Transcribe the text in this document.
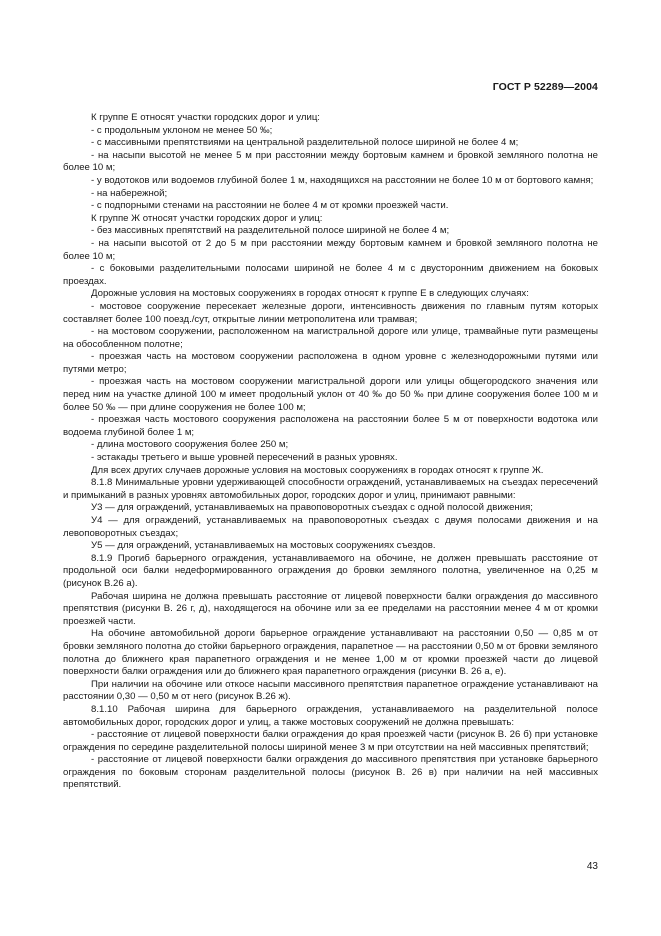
ГОСТ Р 52289—2004

К группе Е относят участки городских дорог и улиц:

- с продольным уклоном не менее 50 ‰;

- с массивными препятствиями на центральной разделительной полосе шириной не более 4 м;

- на насыпи высотой не менее 5 м при расстоянии между бортовым камнем и бровкой земляного полотна не более 10 м;

- у водотоков или водоемов глубиной более 1 м, находящихся на расстоянии не более 10 м от бортового камня;

- на набережной;

- с подпорными стенами на расстоянии не более 4 м от кромки проезжей части.

К группе Ж относят участки городских дорог и улиц:

- без массивных препятствий на разделительной полосе шириной не более 4 м;

- на насыпи высотой от 2 до 5 м при расстоянии между бортовым камнем и бровкой земляного полотна не более 10 м;

- с боковыми разделительными полосами шириной не более 4 м с двусторонним движением на боковых проездах.

Дорожные условия на мостовых сооружениях в городах относят к группе Е в следующих случаях:

- мостовое сооружение пересекает железные дороги, интенсивность движения по главным путям которых составляет более 100 поезд./сут, открытые линии метрополитена или трамвая;

- на мостовом сооружении, расположенном на магистральной дороге или улице, трамвайные пути размещены на обособленном полотне;

- проезжая часть на мостовом сооружении расположена в одном уровне с железнодорожными путями или путями метро;

- проезжая часть на мостовом сооружении магистральной дороги или улицы общегородского значения или перед ним на участке длиной 100 м имеет продольный уклон от 40 ‰ до 50 ‰ при длине сооружения более 100 м и более 50 ‰ — при длине сооружения не более 100 м;

- проезжая часть мостового сооружения расположена на расстоянии более 5 м от поверхности водотока или водоема глубиной более 1 м;

- длина мостового сооружения более 250 м;

- эстакады третьего и выше уровней пересечений в разных уровнях.

Для всех других случаев дорожные условия на мостовых сооружениях в городах относят к группе Ж.

8.1.8 Минимальные уровни удерживающей способности ограждений, устанавливаемых на съездах пересечений и примыканий в разных уровнях автомобильных дорог, городских дорог и улиц, принимают равными:

У3 — для ограждений, устанавливаемых на правоповоротных съездах с одной полосой движения;

У4 — для ограждений, устанавливаемых на правоповоротных съездах с двумя полосами движения и на левоповоротных съездах;

У5 — для ограждений, устанавливаемых на мостовых сооружениях съездов.

8.1.9 Прогиб барьерного ограждения, устанавливаемого на обочине, не должен превышать расстояние от продольной оси балки недеформированного ограждения до бровки земляного полотна, увеличенное на 0,25 м (рисунок В.26 а).

Рабочая ширина не должна превышать расстояние от лицевой поверхности балки ограждения до массивного препятствия (рисунки В. 26 г, д), находящегося на обочине или за ее пределами на расстоянии менее 4 м от кромки проезжей части.

На обочине автомобильной дороги барьерное ограждение устанавливают на расстоянии 0,50 — 0,85 м от бровки земляного полотна до стойки барьерного ограждения, парапетное — на расстоянии 0,50 м от бровки земляного полотна до ближнего края парапетного ограждения и не менее 1,00 м от кромки проезжей части до лицевой поверхности балки ограждения или до ближнего края парапетного ограждения (рисунки В. 26 а, е).

При наличии на обочине или откосе насыпи массивного препятствия парапетное ограждение устанавливают на расстоянии 0,30 — 0,50 м от него (рисунок В.26 ж).

8.1.10 Рабочая ширина для барьерного ограждения, устанавливаемого на разделительной полосе автомобильных дорог, городских дорог и улиц, а также мостовых сооружений не должна превышать:

- расстояние от лицевой поверхности балки ограждения до края проезжей части (рисунок В. 26 б) при установке ограждения по середине разделительной полосы шириной менее 3 м при отсутствии на ней массивных препятствий;

- расстояние от лицевой поверхности балки ограждения до массивного препятствия при установке барьерного ограждения по боковым сторонам разделительной полосы (рисунок В. 26 в) при наличии на ней массивных препятствий.

43
